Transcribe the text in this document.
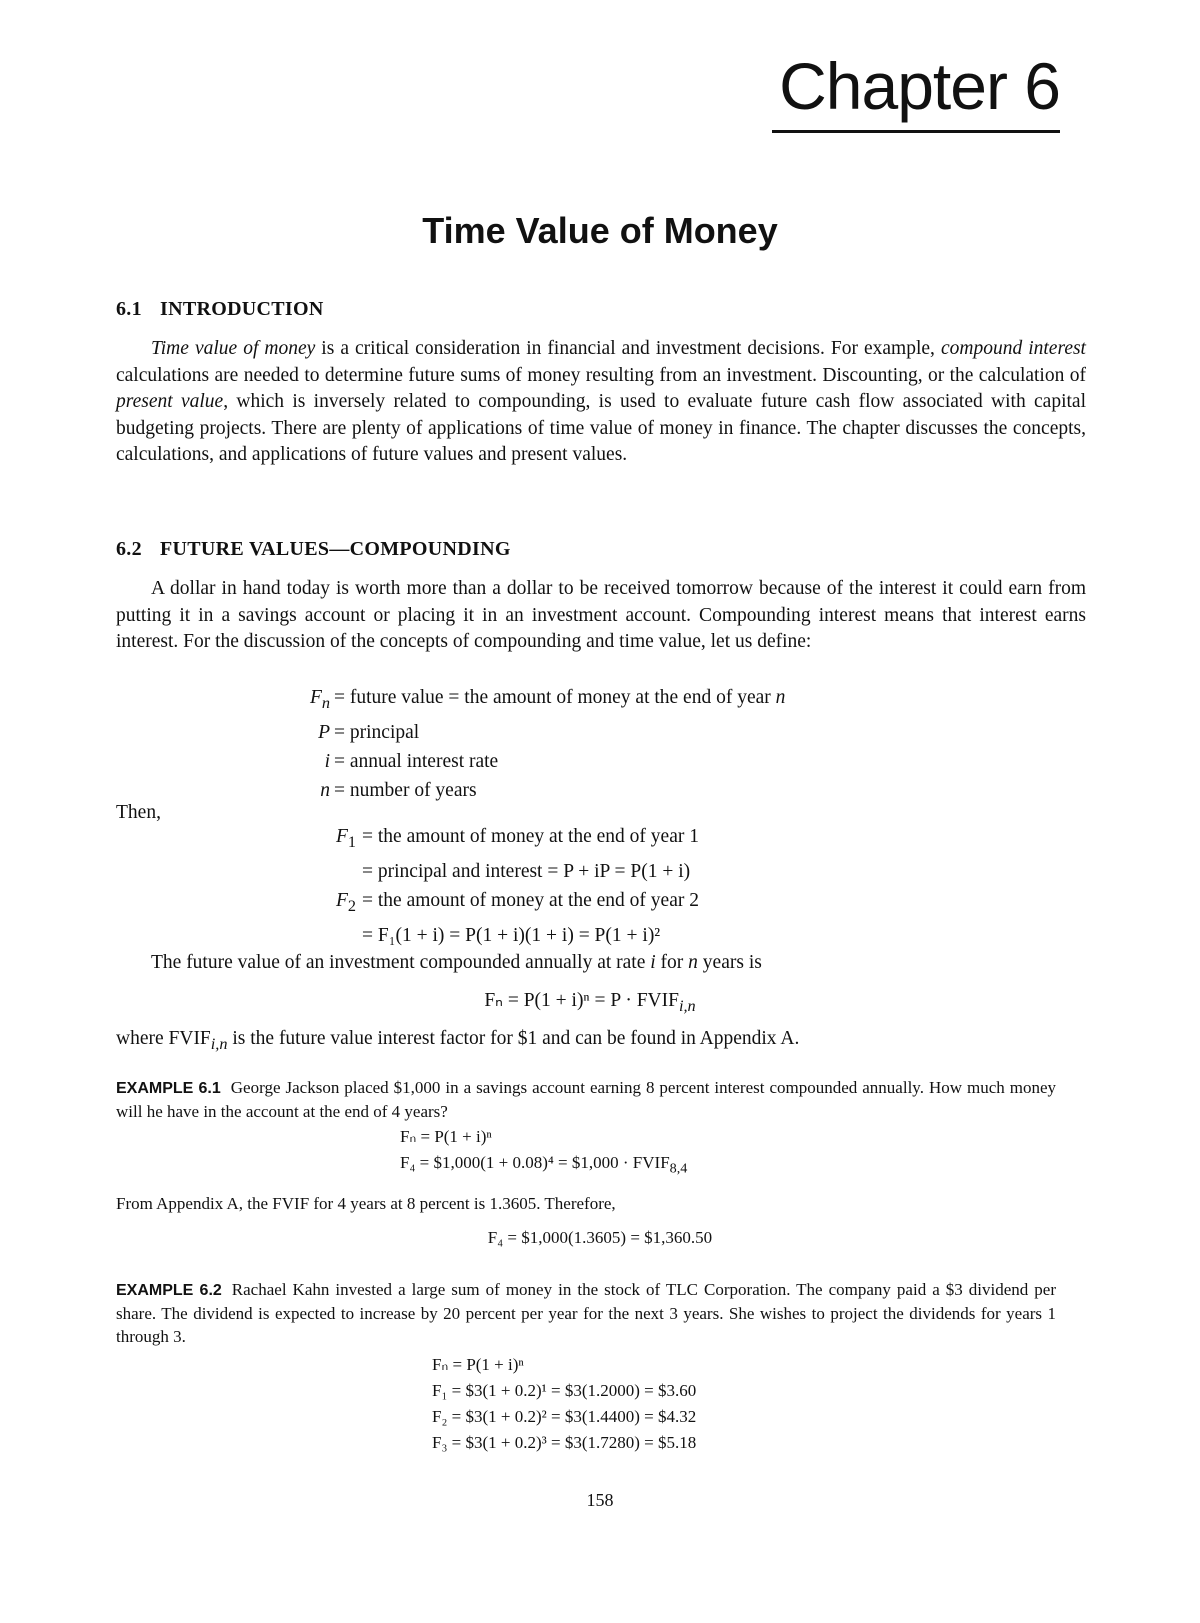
Chapter 6
Time Value of Money
6.1 INTRODUCTION

Time value of money is a critical consideration in financial and investment decisions. For example, compound interest calculations are needed to determine future sums of money resulting from an investment. Discounting, or the calculation of present value, which is inversely related to compounding, is used to evaluate future cash flow associated with capital budgeting projects. There are plenty of applications of time value of money in finance. The chapter discusses the concepts, calculations, and applications of future values and present values.

6.2 FUTURE VALUES—COMPOUNDING

A dollar in hand today is worth more than a dollar to be received tomorrow because of the interest it could earn from putting it in a savings account or placing it in an investment account. Compounding interest means that interest earns interest. For the discussion of the concepts of compounding and time value, let us define:

$F_n$ = future value = the amount of money at the end of year n
P = principal
i = annual interest rate
n = number of years

Then,

$F_1$ = the amount of money at the end of year 1
= principal and interest = P + iP = P(1 + i)
$F_2$ = the amount of money at the end of year 2
= F₁(1 + i) = P(1 + i)(1 + i) = P(1 + i)²

The future value of an investment compounded annually at rate i for n years is

$F_n = P(1 + i)^n = P \cdot FVIF_{i,n}$

where $FVIF_{i,n}$ is the future value interest factor for $1 and can be found in Appendix A.

EXAMPLE 6.1 George Jackson placed $1,000 in a savings account earning 8 percent interest compounded annually. How much money will he have in the account at the end of 4 years?

Fₙ = P(1 + i)ⁿ
F₄ = $1,000(1 + 0.08)⁴ = $1,000 · $FVIF_{8,4}$
From Appendix A, the FVIF for 4 years at 8 percent is 1.3605. Therefore,
F₄ = $1,000(1.3605) = $1,360.50

EXAMPLE 6.2 Rachael Kahn invested a large sum of money in the stock of TLC Corporation. The company paid a $3 dividend per share. The dividend is expected to increase by 20 percent per year for the next 3 years. She wishes to project the dividends for years 1 through 3.

Fₙ = P(1 + i)ⁿ
F₁ = $3(1 + 0.2)¹ = $3(1.2000) = $3.60
F₂ = $3(1 + 0.2)² = $3(1.4400) = $4.32
F₃ = $3(1 + 0.2)³ = $3(1.7280) = $5.18
158
